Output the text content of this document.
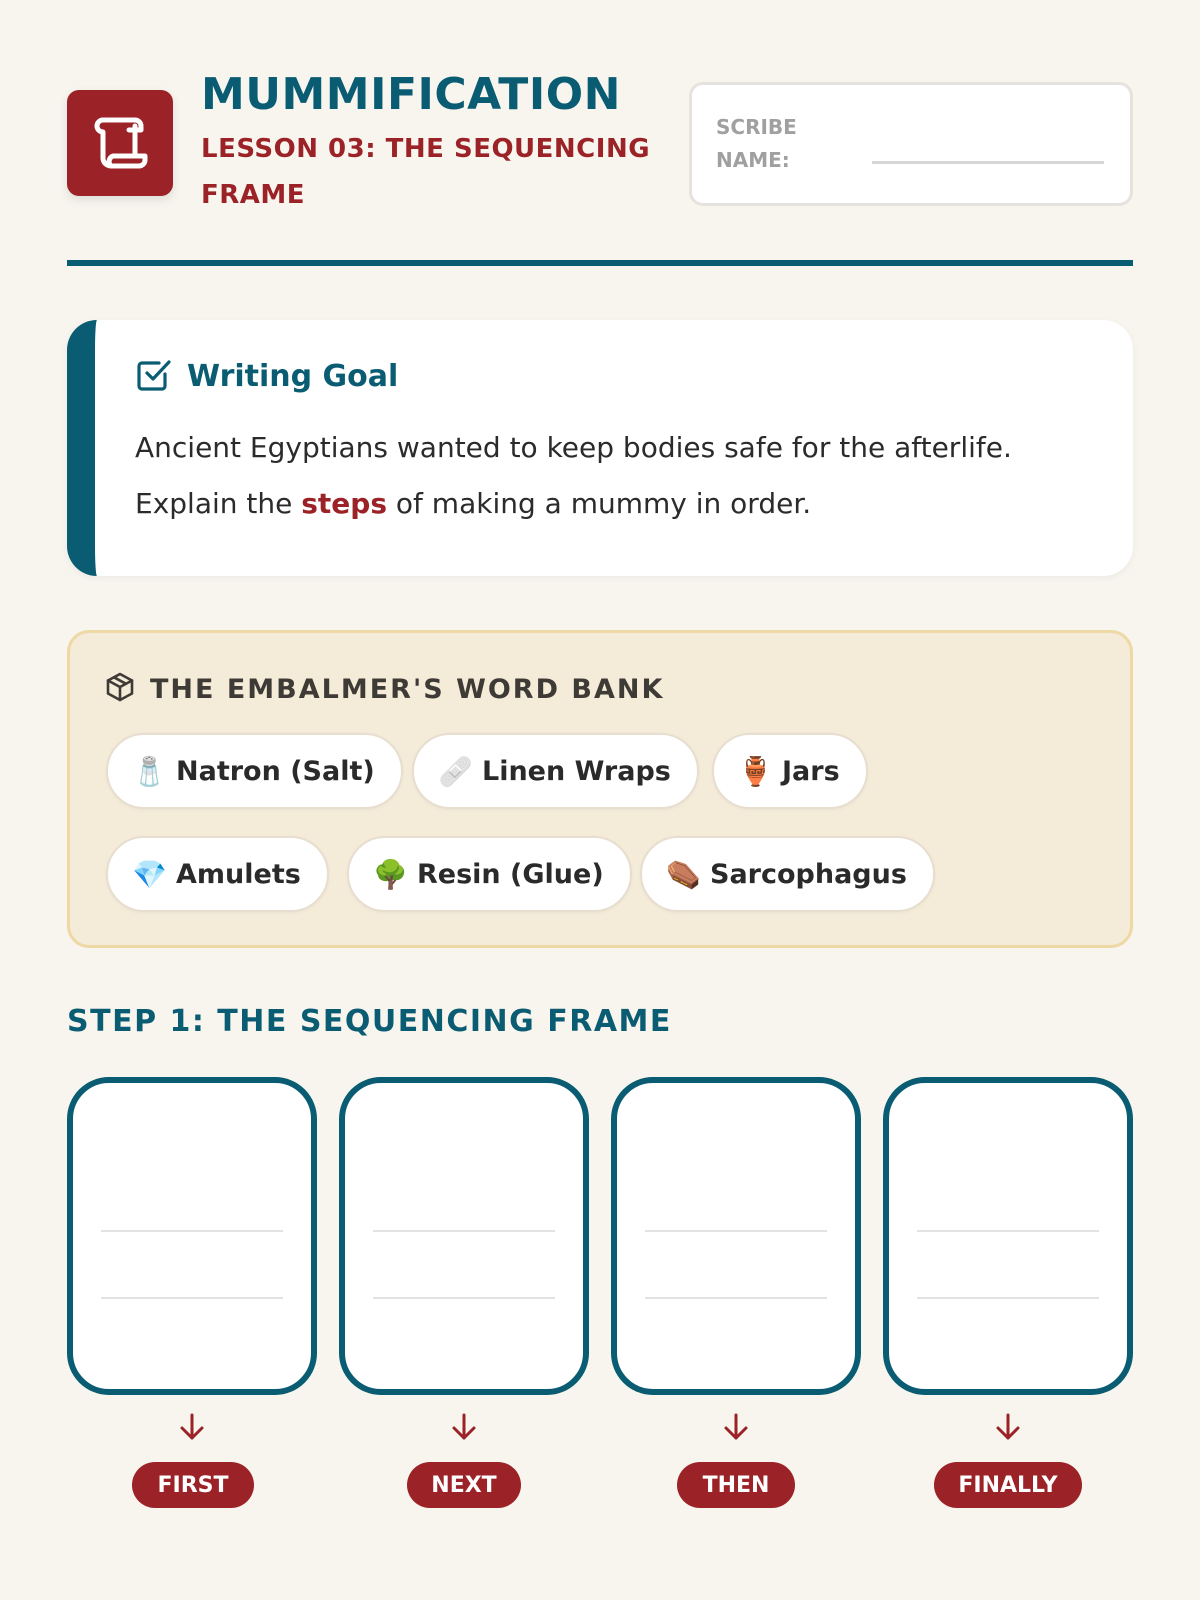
MUMMIFICATION
LESSON 03: THE SEQUENCING FRAME
SCRIBE NAME:
Writing Goal
Ancient Egyptians wanted to keep bodies safe for the afterlife.
Explain the steps of making a mummy in order.
THE EMBALMER'S WORD BANK
🧂 Natron (Salt) 🩹 Linen Wraps 🏺 Jars
💎 Amulets	🌳 Resin (Glue) ⚰️ Sarcophagus
STEP 1: THE SEQUENCING FRAME
FIRST	NEXT	THEN	FINALLY
